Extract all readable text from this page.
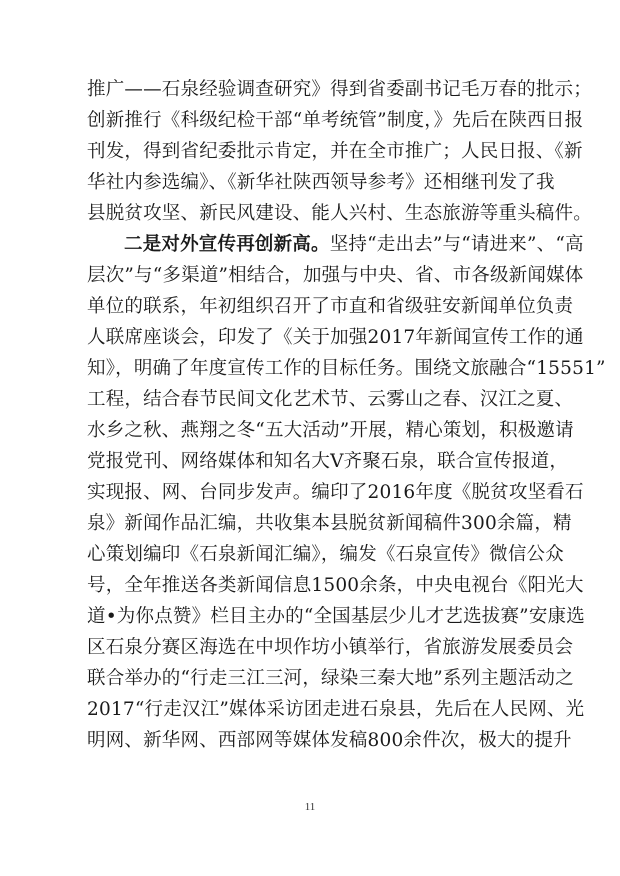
推广——石泉经验调查研究》得到省委副书记毛万春的批示；
创新推行《科级纪检干部“单考统管”制度，》先后在陕西日报
刊发，得到省纪委批示肯定，并在全市推广；人民日报、《新
华社内参选编》、《新华社陕西领导参考》还相继刊发了我
县脱贫攻坚、新民风建设、能人兴村、生态旅游等重头稿件。
二是对外宣传再创新高。坚持“走出去”与“请进来”、“高
层次”与“多渠道”相结合，加强与中央、省、市各级新闻媒体
单位的联系，年初组织召开了市直和省级驻安新闻单位负责
人联席座谈会，印发了《关于加强2017年新闻宣传工作的通
知》，明确了年度宣传工作的目标任务。围绕文旅融合“15551”
工程，结合春节民间文化艺术节、云雾山之春、汉江之夏、
水乡之秋、燕翔之冬“五大活动”开展，精心策划，积极邀请
党报党刊、网络媒体和知名大V齐聚石泉，联合宣传报道，
实现报、网、台同步发声。编印了2016年度《脱贫攻坚看石
泉》新闻作品汇编，共收集本县脱贫新闻稿件300余篇，精
心策划编印《石泉新闻汇编》，编发《石泉宣传》微信公众
号，全年推送各类新闻信息1500余条，中央电视台《阳光大
道•为你点赞》栏目主办的“全国基层少儿才艺选拔赛”安康选
区石泉分赛区海选在中坝作坊小镇举行，省旅游发展委员会
联合举办的“行走三江三河，绿染三秦大地”系列主题活动之
2017“行走汉江”媒体采访团走进石泉县，先后在人民网、光
明网、新华网、西部网等媒体发稿800余件次，极大的提升
11
